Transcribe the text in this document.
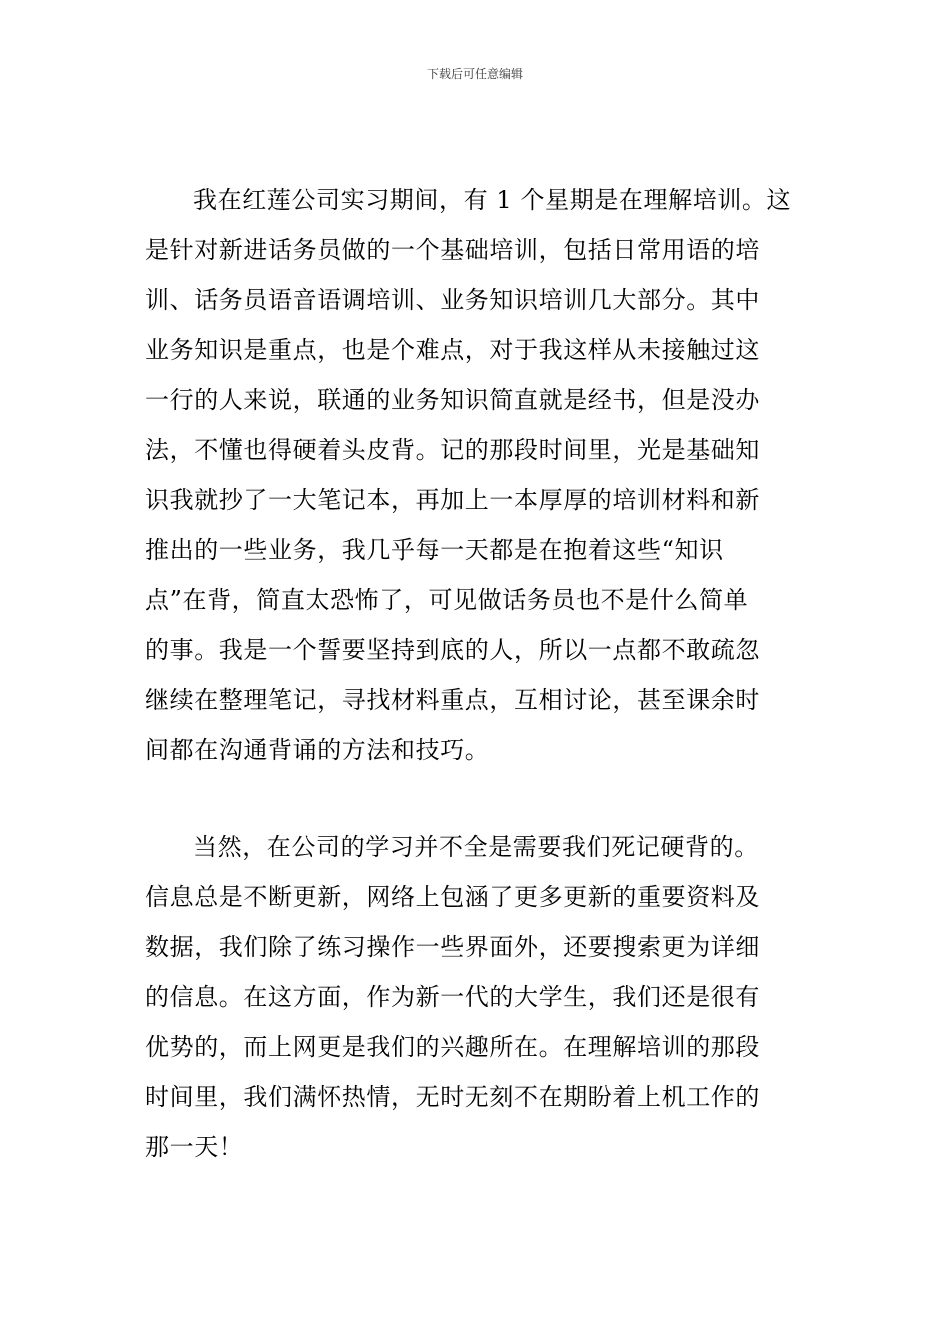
下载后可任意编辑
我在红莲公司实习期间，有 1 个星期是在理解培训。这
是针对新进话务员做的一个基础培训，包括日常用语的培
训、话务员语音语调培训、业务知识培训几大部分。其中
业务知识是重点，也是个难点，对于我这样从未接触过这
一行的人来说，联通的业务知识简直就是经书，但是没办
法，不懂也得硬着头皮背。记的那段时间里，光是基础知
识我就抄了一大笔记本，再加上一本厚厚的培训材料和新
推出的一些业务，我几乎每一天都是在抱着这些“知识
点”在背，简直太恐怖了，可见做话务员也不是什么简单
的事。我是一个誓要坚持到底的人，所以一点都不敢疏忽
继续在整理笔记，寻找材料重点，互相讨论，甚至课余时
间都在沟通背诵的方法和技巧。
当然，在公司的学习并不全是需要我们死记硬背的。
信息总是不断更新，网络上包涵了更多更新的重要资料及
数据，我们除了练习操作一些界面外，还要搜索更为详细
的信息。在这方面，作为新一代的大学生，我们还是很有
优势的，而上网更是我们的兴趣所在。在理解培训的那段
时间里，我们满怀热情，无时无刻不在期盼着上机工作的
那一天！
